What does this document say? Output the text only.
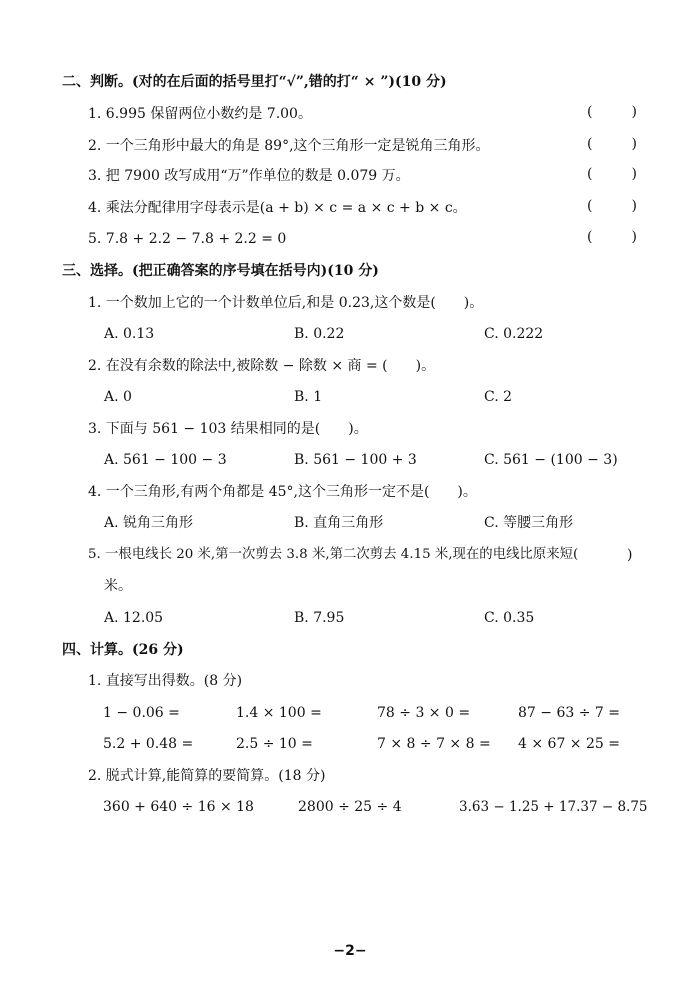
二、判断。(对的在后面的括号里打“√”,错的打“ × ”)(10 分)
1. 6.995 保留两位小数约是 7.00。	(	)
2. 一个三角形中最大的角是 89°,这个三角形一定是锐角三角形。	(	)
3. 把 7900 改写成用“万”作单位的数是 0.079 万。	(	)
4. 乘法分配律用字母表示是(a + b) × c = a × c + b × c。	(	)
5. 7.8 + 2.2 − 7.8 + 2.2 = 0	(	)
三、选择。(把正确答案的序号填在括号内)(10 分)
1. 一个数加上它的一个计数单位后,和是 0.23,这个数是(　　)。
A. 0.13	B. 0.22	C. 0.222
2. 在没有余数的除法中,被除数 − 除数 × 商 = (　　)。
A. 0	B. 1	C. 2
3. 下面与 561 − 103 结果相同的是(　　)。
A. 561 − 100 − 3	B. 561 − 100 + 3	C. 561 − (100 − 3)
4. 一个三角形,有两个角都是 45°,这个三角形一定不是(　　)。
A. 锐角三角形	B. 直角三角形	C. 等腰三角形
5. 一根电线长 20 米,第一次剪去 3.8 米,第二次剪去 4.15 米,现在的电线比原来短(	)
米。
A. 12.05	B. 7.95	C. 0.35
四、计算。(26 分)
1. 直接写出得数。(8 分)
1 − 0.06 =	1.4 × 100 =	78 ÷ 3 × 0 =	87 − 63 ÷ 7 =
5.2 + 0.48 =	2.5 ÷ 10 =	7 × 8 ÷ 7 × 8 = 4 × 67 × 25 =
2. 脱式计算,能简算的要简算。(18 分)
360 + 640 ÷ 16 × 18	2800 ÷ 25 ÷ 4	3.63 − 1.25 + 17.37 − 8.75
−2−
